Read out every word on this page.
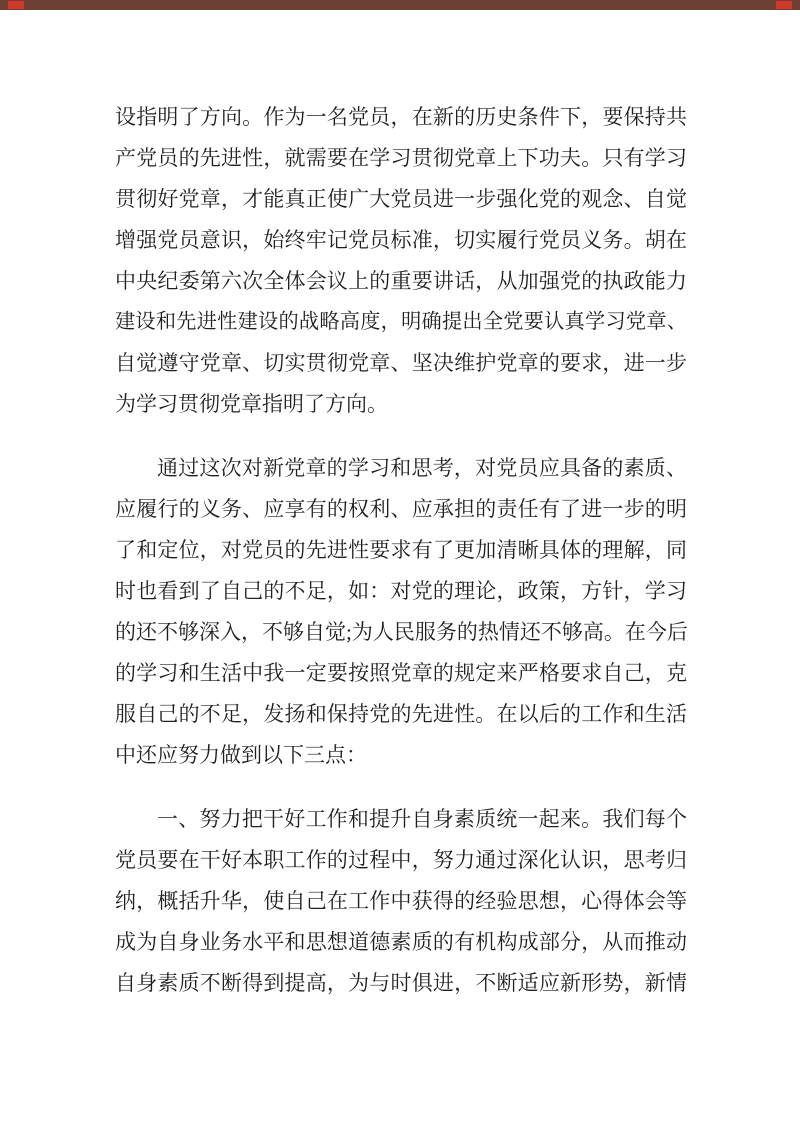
设指明了方向。作为一名党员，在新的历史条件下，要保持共
产党员的先进性，就需要在学习贯彻党章上下功夫。只有学习
贯彻好党章，才能真正使广大党员进一步强化党的观念、自觉
增强党员意识，始终牢记党员标准，切实履行党员义务。胡在
中央纪委第六次全体会议上的重要讲话，从加强党的执政能力
建设和先进性建设的战略高度，明确提出全党要认真学习党章、
自觉遵守党章、切实贯彻党章、坚决维护党章的要求，进一步
为学习贯彻党章指明了方向。
通过这次对新党章的学习和思考，对党员应具备的素质、
应履行的义务、应享有的权利、应承担的责任有了进一步的明
了和定位，对党员的先进性要求有了更加清晰具体的理解，同
时也看到了自己的不足，如：对党的理论，政策，方针，学习
的还不够深入，不够自觉;为人民服务的热情还不够高。在今后
的学习和生活中我一定要按照党章的规定来严格要求自己，克
服自己的不足，发扬和保持党的先进性。在以后的工作和生活
中还应努力做到以下三点：
一、努力把干好工作和提升自身素质统一起来。我们每个
党员要在干好本职工作的过程中，努力通过深化认识，思考归
纳，概括升华，使自己在工作中获得的经验思想，心得体会等
成为自身业务水平和思想道德素质的有机构成部分，从而推动
自身素质不断得到提高，为与时俱进，不断适应新形势，新情
